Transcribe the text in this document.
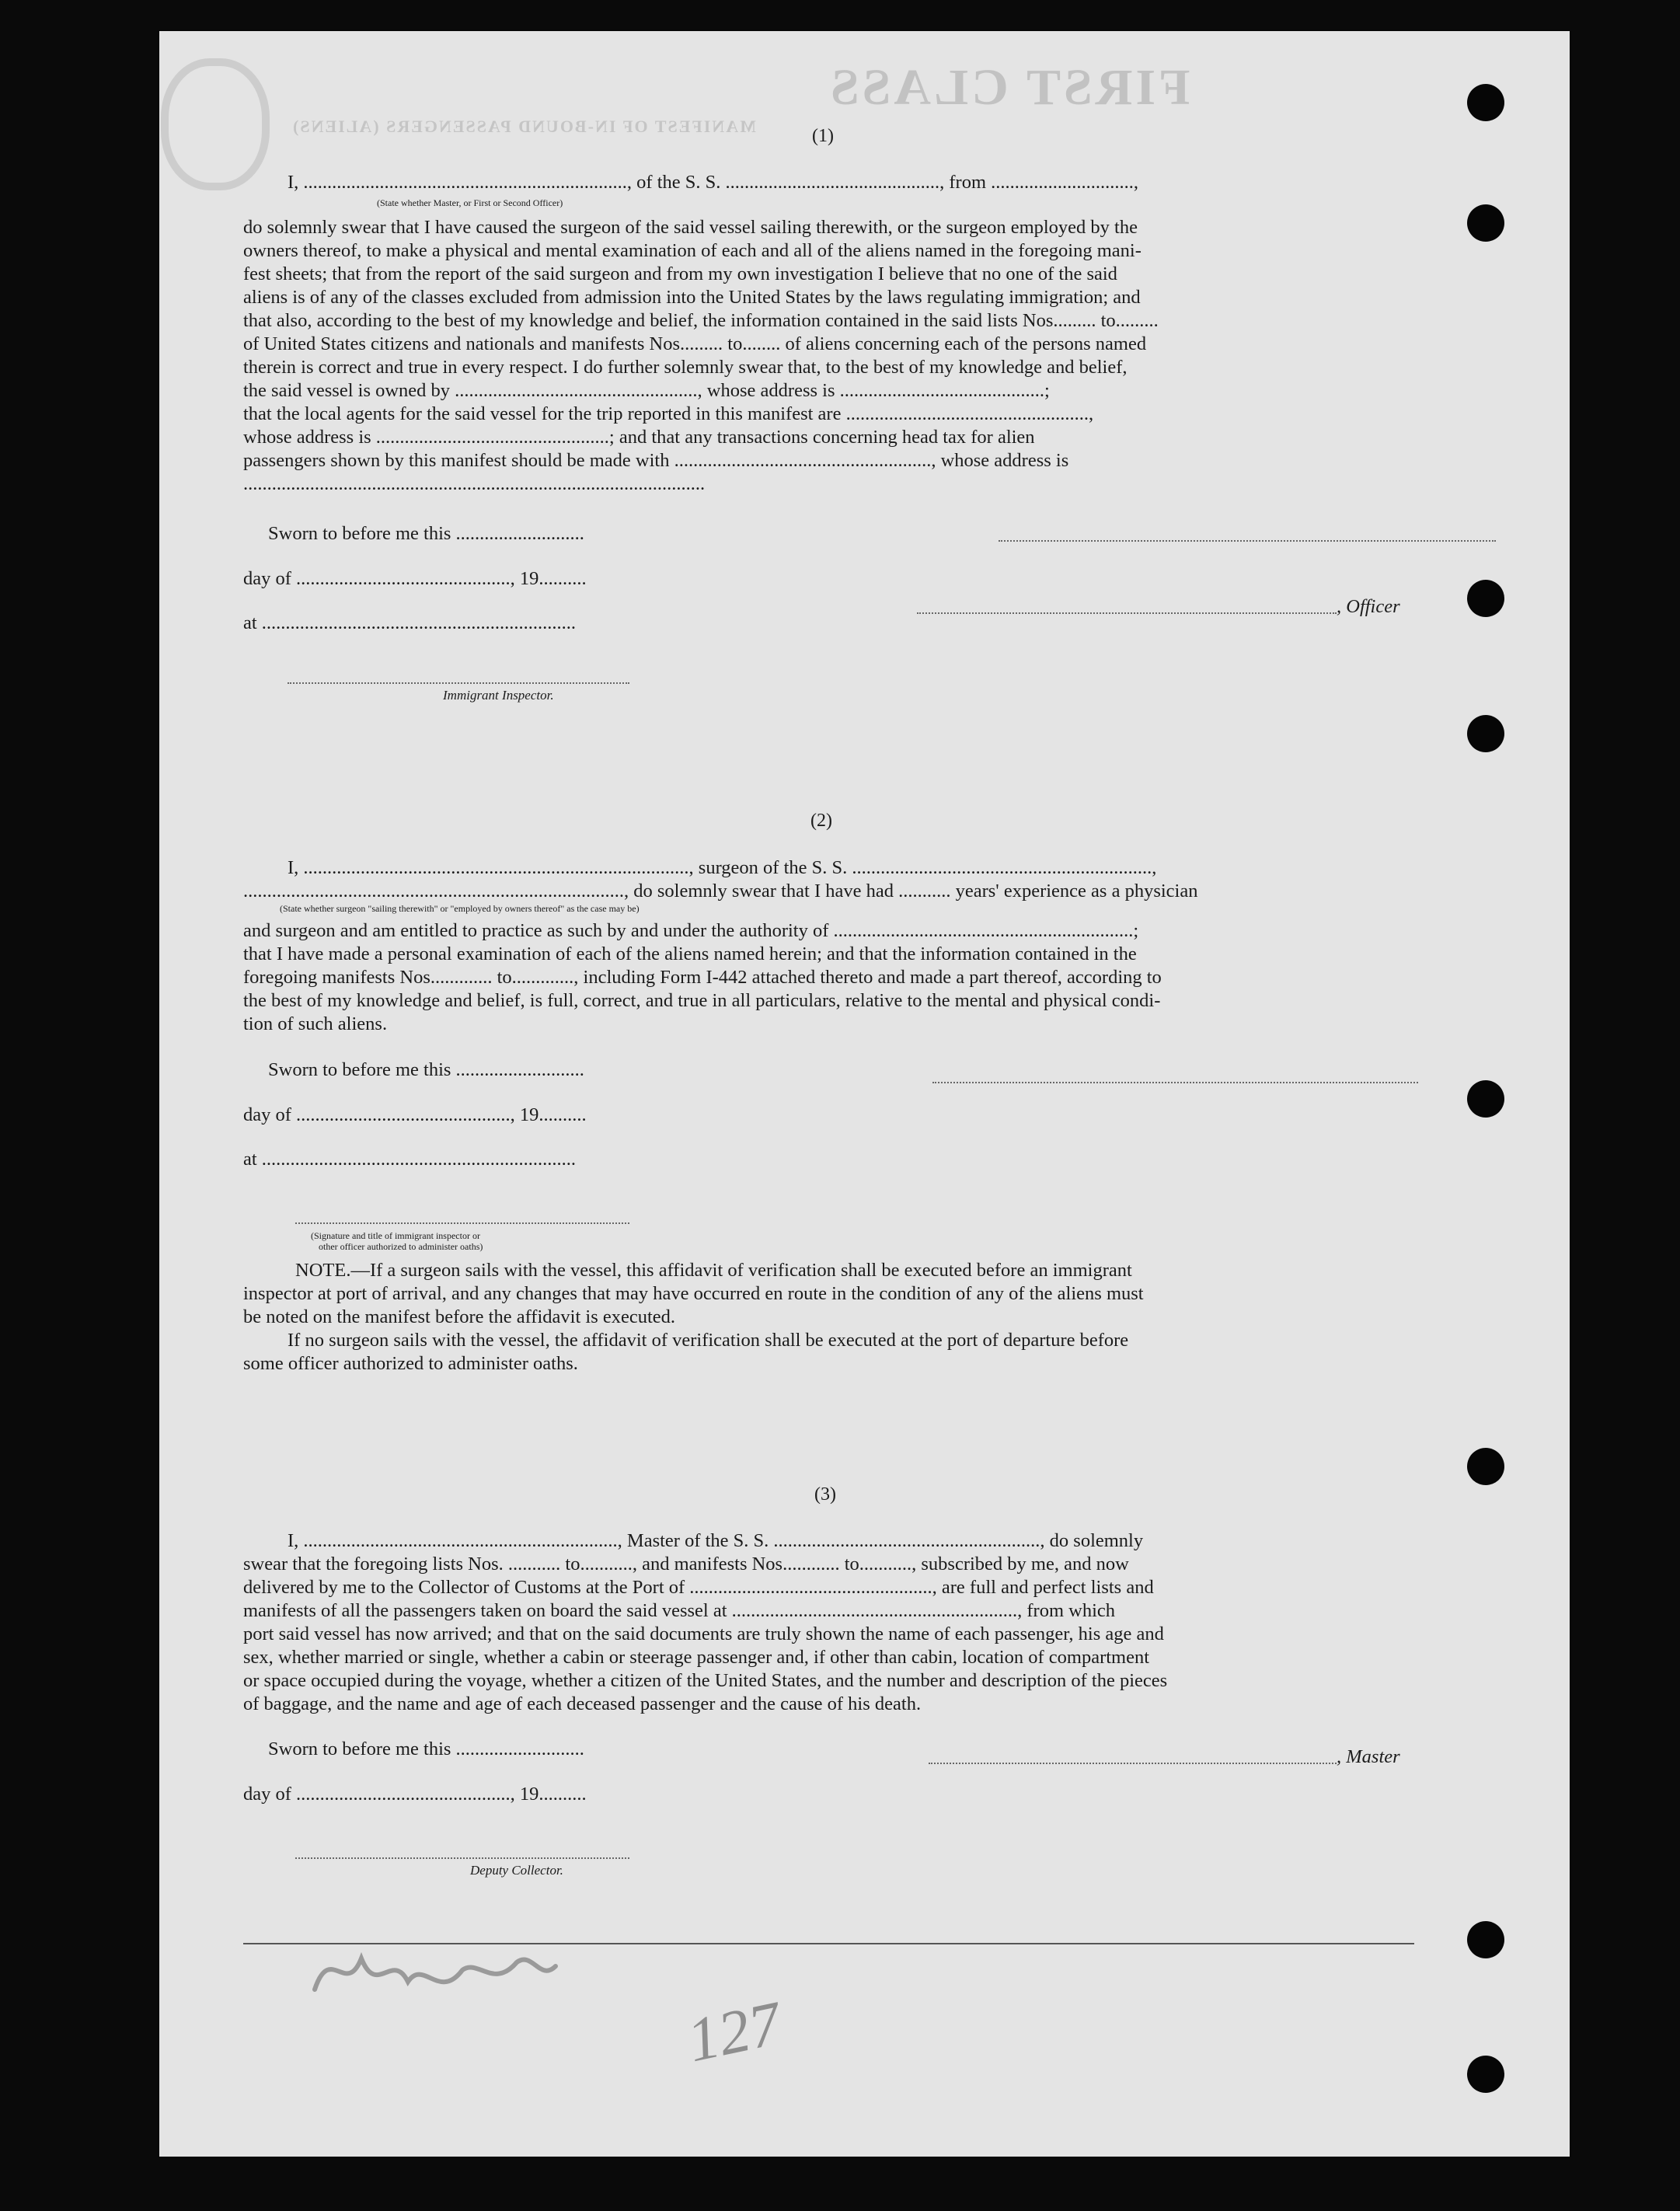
FIRST CLASS
MANIFEST OF IN-BOUND PASSENGERS (ALIENS)	(1)
I, ...................................................................., of the S. S. ............................................., from ..............................,
(State whether Master, or First or Second Officer)
do solemnly swear that I have caused the surgeon of the said vessel sailing therewith, or the surgeon employed by the
owners thereof, to make a physical and mental examination of each and all of the aliens named in the foregoing mani-
fest sheets; that from the report of the said surgeon and from my own investigation I believe that no one of the said
aliens is of any of the classes excluded from admission into the United States by the laws regulating immigration; and
that also, according to the best of my knowledge and belief, the information contained in the said lists Nos......... to.........
of United States citizens and nationals and manifests Nos......... to........ of aliens concerning each of the persons named
therein is correct and true in every respect. I do further solemnly swear that, to the best of my knowledge and belief,
the said vessel is owned by ..................................................., whose address is ...........................................;
that the local agents for the said vessel for the trip reported in this manifest are ...................................................,
whose address is .................................................; and that any transactions concerning head tax for alien
passengers shown by this manifest should be made with ......................................................, whose address is
.................................................................................................
Sworn to before me this ...........................
day of ............................................., 19..........
at ..................................................................
, Officer
Immigrant Inspector.
(2)
I, ................................................................................., surgeon of the S. S. ...............................................................,
................................................................................, do solemnly swear that I have had ........... years' experience as a physician
(State whether surgeon "sailing therewith" or "employed by owners thereof" as the case may be)
and surgeon and am entitled to practice as such by and under the authority of ...............................................................;
that I have made a personal examination of each of the aliens named herein; and that the information contained in the
foregoing manifests Nos............. to............., including Form I-442 attached thereto and made a part thereof, according to
the best of my knowledge and belief, is full, correct, and true in all particulars, relative to the mental and physical condi-
tion of such aliens.
Sworn to before me this ...........................
day of ............................................., 19..........
at ..................................................................
(Signature and title of immigrant inspector or
other officer authorized to administer oaths)
NOTE.—If a surgeon sails with the vessel, this affidavit of verification shall be executed before an immigrant
inspector at port of arrival, and any changes that may have occurred en route in the condition of any of the aliens must
be noted on the manifest before the affidavit is executed.
If no surgeon sails with the vessel, the affidavit of verification shall be executed at the port of departure before
some officer authorized to administer oaths.
(3)
I, .................................................................., Master of the S. S. ........................................................, do solemnly
swear that the foregoing lists Nos. ........... to..........., and manifests Nos............ to..........., subscribed by me, and now
delivered by me to the Collector of Customs at the Port of ..................................................., are full and perfect lists and
manifests of all the passengers taken on board the said vessel at ............................................................, from which
port said vessel has now arrived; and that on the said documents are truly shown the name of each passenger, his age and
sex, whether married or single, whether a cabin or steerage passenger and, if other than cabin, location of compartment
or space occupied during the voyage, whether a citizen of the United States, and the number and description of the pieces
of baggage, and the name and age of each deceased passenger and the cause of his death.
Sworn to before me this ...........................
day of ............................................., 19..........
, Master
Deputy Collector.
127
